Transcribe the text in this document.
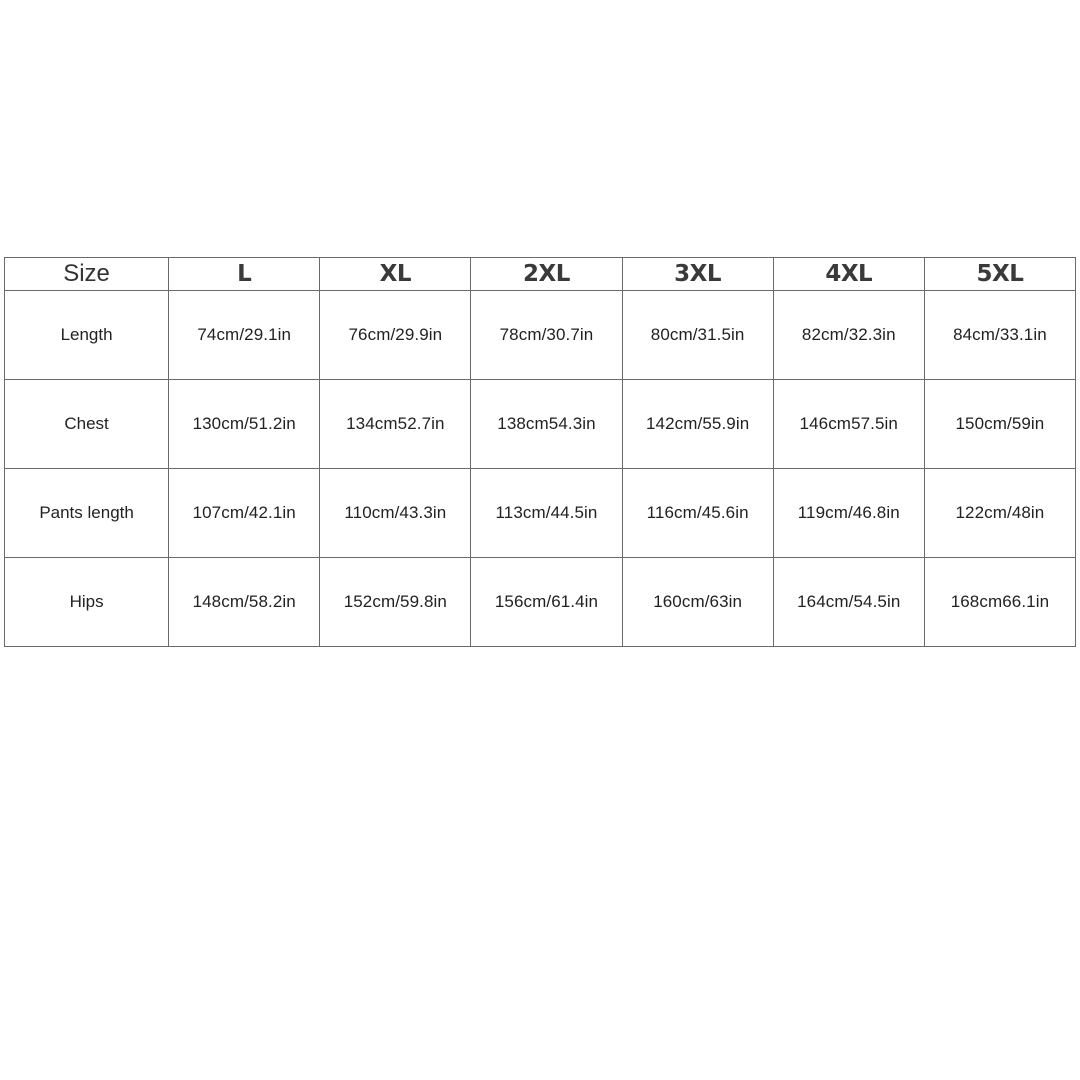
Size	L	XL	2XL	3XL	4XL	5XL
Length	74cm/29.1in	76cm/29.9in	78cm/30.7in	80cm/31.5in	82cm/32.3in	84cm/33.1in
Chest	130cm/51.2in	134cm52.7in	138cm54.3in	142cm/55.9in	146cm57.5in	150cm/59in
Pants length	107cm/42.1in	110cm/43.3in	113cm/44.5in	116cm/45.6in	119cm/46.8in	122cm/48in
Hips	148cm/58.2in	152cm/59.8in	156cm/61.4in	160cm/63in	164cm/54.5in	168cm66.1in
